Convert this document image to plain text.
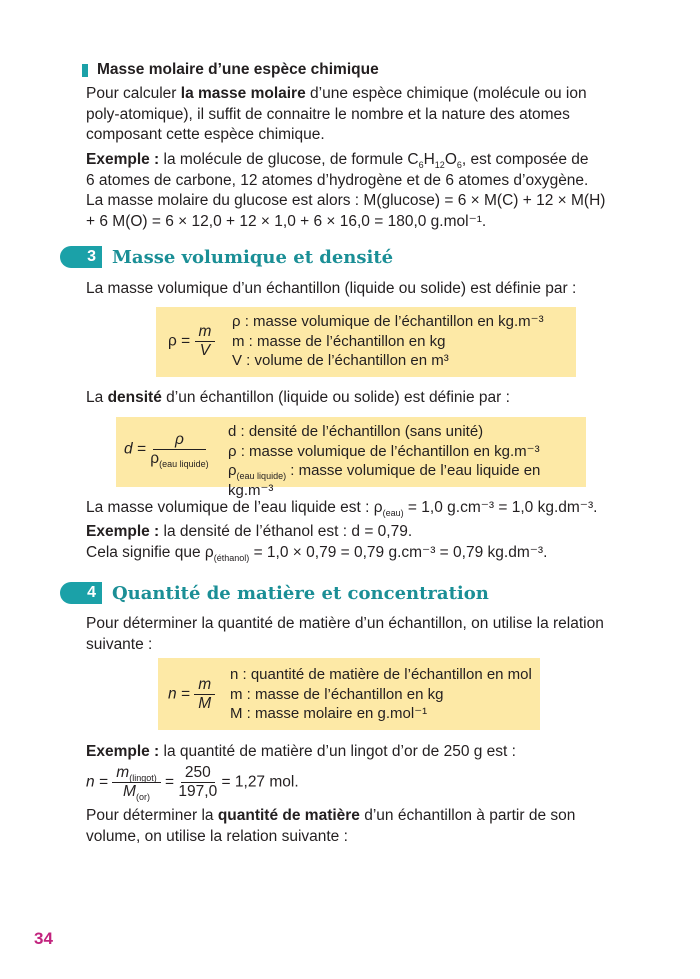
Masse molaire d’une espèce chimique

Pour calculer la masse molaire d’une espèce chimique (molécule ou ion poly-atomique), il suffit de connaitre le nombre et la nature des atomes composant cette espèce chimique.

Exemple : la molécule de glucose, de formule $C_6H_{12}O_6$, est composée de
6 atomes de carbone, 12 atomes d’hydrogène et de 6 atomes d’oxygène.
La masse molaire du glucose est alors : M(glucose) = 6 × M(C) + 12 × M(H)
+ 6 M(O) = 6 × 12,0 + 12 × 1,0 + 6 × 16,0 = 180,0 g.mol⁻¹.

3 Masse volumique et densité

La masse volumique d’un échantillon (liquide ou solide) est définie par :

$\rho = \frac{m}{V}$
ρ : masse volumique de l’échantillon en kg.m⁻³
m : masse de l’échantillon en kg
V : volume de l’échantillon en m³

La densité d’un échantillon (liquide ou solide) est définie par :

$d = \frac{\rho}{\rho_{(eau liquide)}}$ d : densité de l’échantillon (sans unité)
ρ : masse volumique de l’échantillon en kg.m⁻³
$\rho_{(eau liquide)}$ : masse volumique de l’eau liquide en kg.m⁻³

La masse volumique de l’eau liquide est : $\rho_{(eau)} = 1,0$ g.cm⁻³ = 1,0 kg.dm⁻³.

Exemple : la densité de l’éthanol est : d = 0,79.
Cela signifie que $\rho_{(éthanol)} = 1,0 \times 0,79 = 0,79$ g.cm⁻³ = 0,79 kg.dm⁻³.

4 Quantité de matière et concentration

Pour déterminer la quantité de matière d’un échantillon, on utilise la relation suivante :

$n = \frac{m}{M}$
n : quantité de matière de l’échantillon en mol
m : masse de l’échantillon en kg
M : masse molaire en g.mol⁻¹

Exemple : la quantité de matière d’un lingot d’or de 250 g est :

$n = \frac{m_{(lingot)}}{M_{(or)}} = \frac{250}{197,0} = 1,27$ mol.

Pour déterminer la quantité de matière d’un échantillon à partir de son volume, on utilise la relation suivante :

34
